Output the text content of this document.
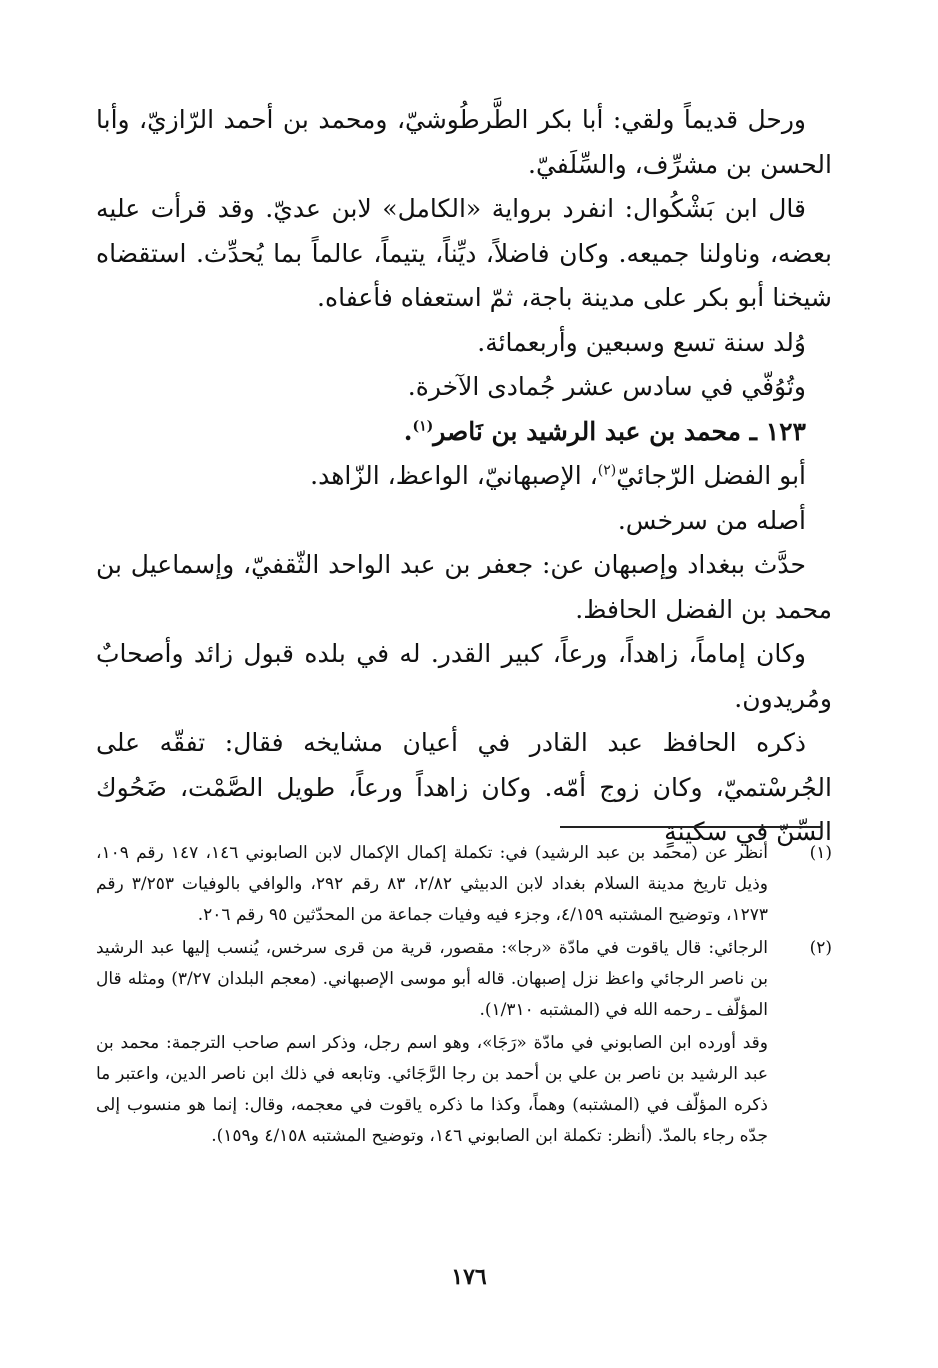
ورحل قديماً ولقي: أبا بكر الطَّرطُوشيّ، ومحمد بن أحمد الرّازيّ، وأبا الحسن بن مشرِّف، والسِّلَفيّ.

قال ابن بَشْكُوال: انفرد برواية «الكامل» لابن عديّ. وقد قرأت عليه بعضه، وناولنا جميعه. وكان فاضلاً، ديِّناً، يتيماً، عالماً بما يُحدِّث. استقضاه شيخنا أبو بكر على مدينة باجة، ثمّ استعفاه فأعفاه.

وُلد سنة تسع وسبعين وأربعمائة.

وتُوُفّي في سادس عشر جُمادى الآخرة.

١٢٣ ـ محمد بن عبد الرشيد بن نَاصر$^{(١)}$.

أبو الفضل الرّجائيّ$^{(٢)}$، الإصبهانيّ، الواعظ، الزّاهد.

أصله من سرخس.

حدَّث ببغداد وإصبهان عن: جعفر بن عبد الواحد الثّقفيّ، وإسماعيل بن محمد بن الفضل الحافظ.

وكان إماماً، زاهداً، ورعاً، كبير القدر. له في بلده قبول زائد وأصحابٌ ومُريدون.

ذكره الحافظ عبد القادر في أعيان مشايخه فقال: تفقّه على الجُرسْتميّ، وكان زوج أمّه. وكان زاهداً ورعاً، طويل الصَّمْت، ضَحُوك السِّنّ في سكينةٍ

(١)

أنظر عن (محمد بن عبد الرشيد) في: تكملة إكمال الإكمال لابن الصابوني ١٤٦، ١٤٧ رقم ١٠٩، وذيل تاريخ مدينة السلام بغداد لابن الدبيثي ٢/٨٢، ٨٣ رقم ٢٩٢، والوافي بالوفيات ٣/٢٥٣ رقم ١٢٧٣، وتوضيح المشتبه ٤/١٥٩، وجزء فيه وفيات جماعة من المحدّثين ٩٥ رقم ٢٠٦.

(٢)

الرجائي: قال ياقوت في مادّة «رجا»: مقصور، قرية من قرى سرخس، يُنسب إليها عبد الرشيد بن ناصر الرجائي واعظ نزل إصبهان. قاله أبو موسى الإصبهاني. (معجم البلدان ٣/٢٧) ومثله قال المؤلّف ـ رحمه الله في (المشتبه ١/٣١٠).

وقد أورده ابن الصابوني في مادّة «رَجَا»، وهو اسم رجل، وذكر اسم صاحب الترجمة: محمد بن عبد الرشيد بن ناصر بن علي بن أحمد بن رجا الرَّجَائي. وتابعه في ذلك ابن ناصر الدين، واعتبر ما ذكره المؤلّف في (المشتبه) وهماً، وكذا ما ذكره ياقوت في معجمه، وقال: إنما هو منسوب إلى جدّه رجاء بالمدّ. (أنظر: تكملة ابن الصابوني ١٤٦، وتوضيح المشتبه ٤/١٥٨ و١٥٩).

١٧٦
